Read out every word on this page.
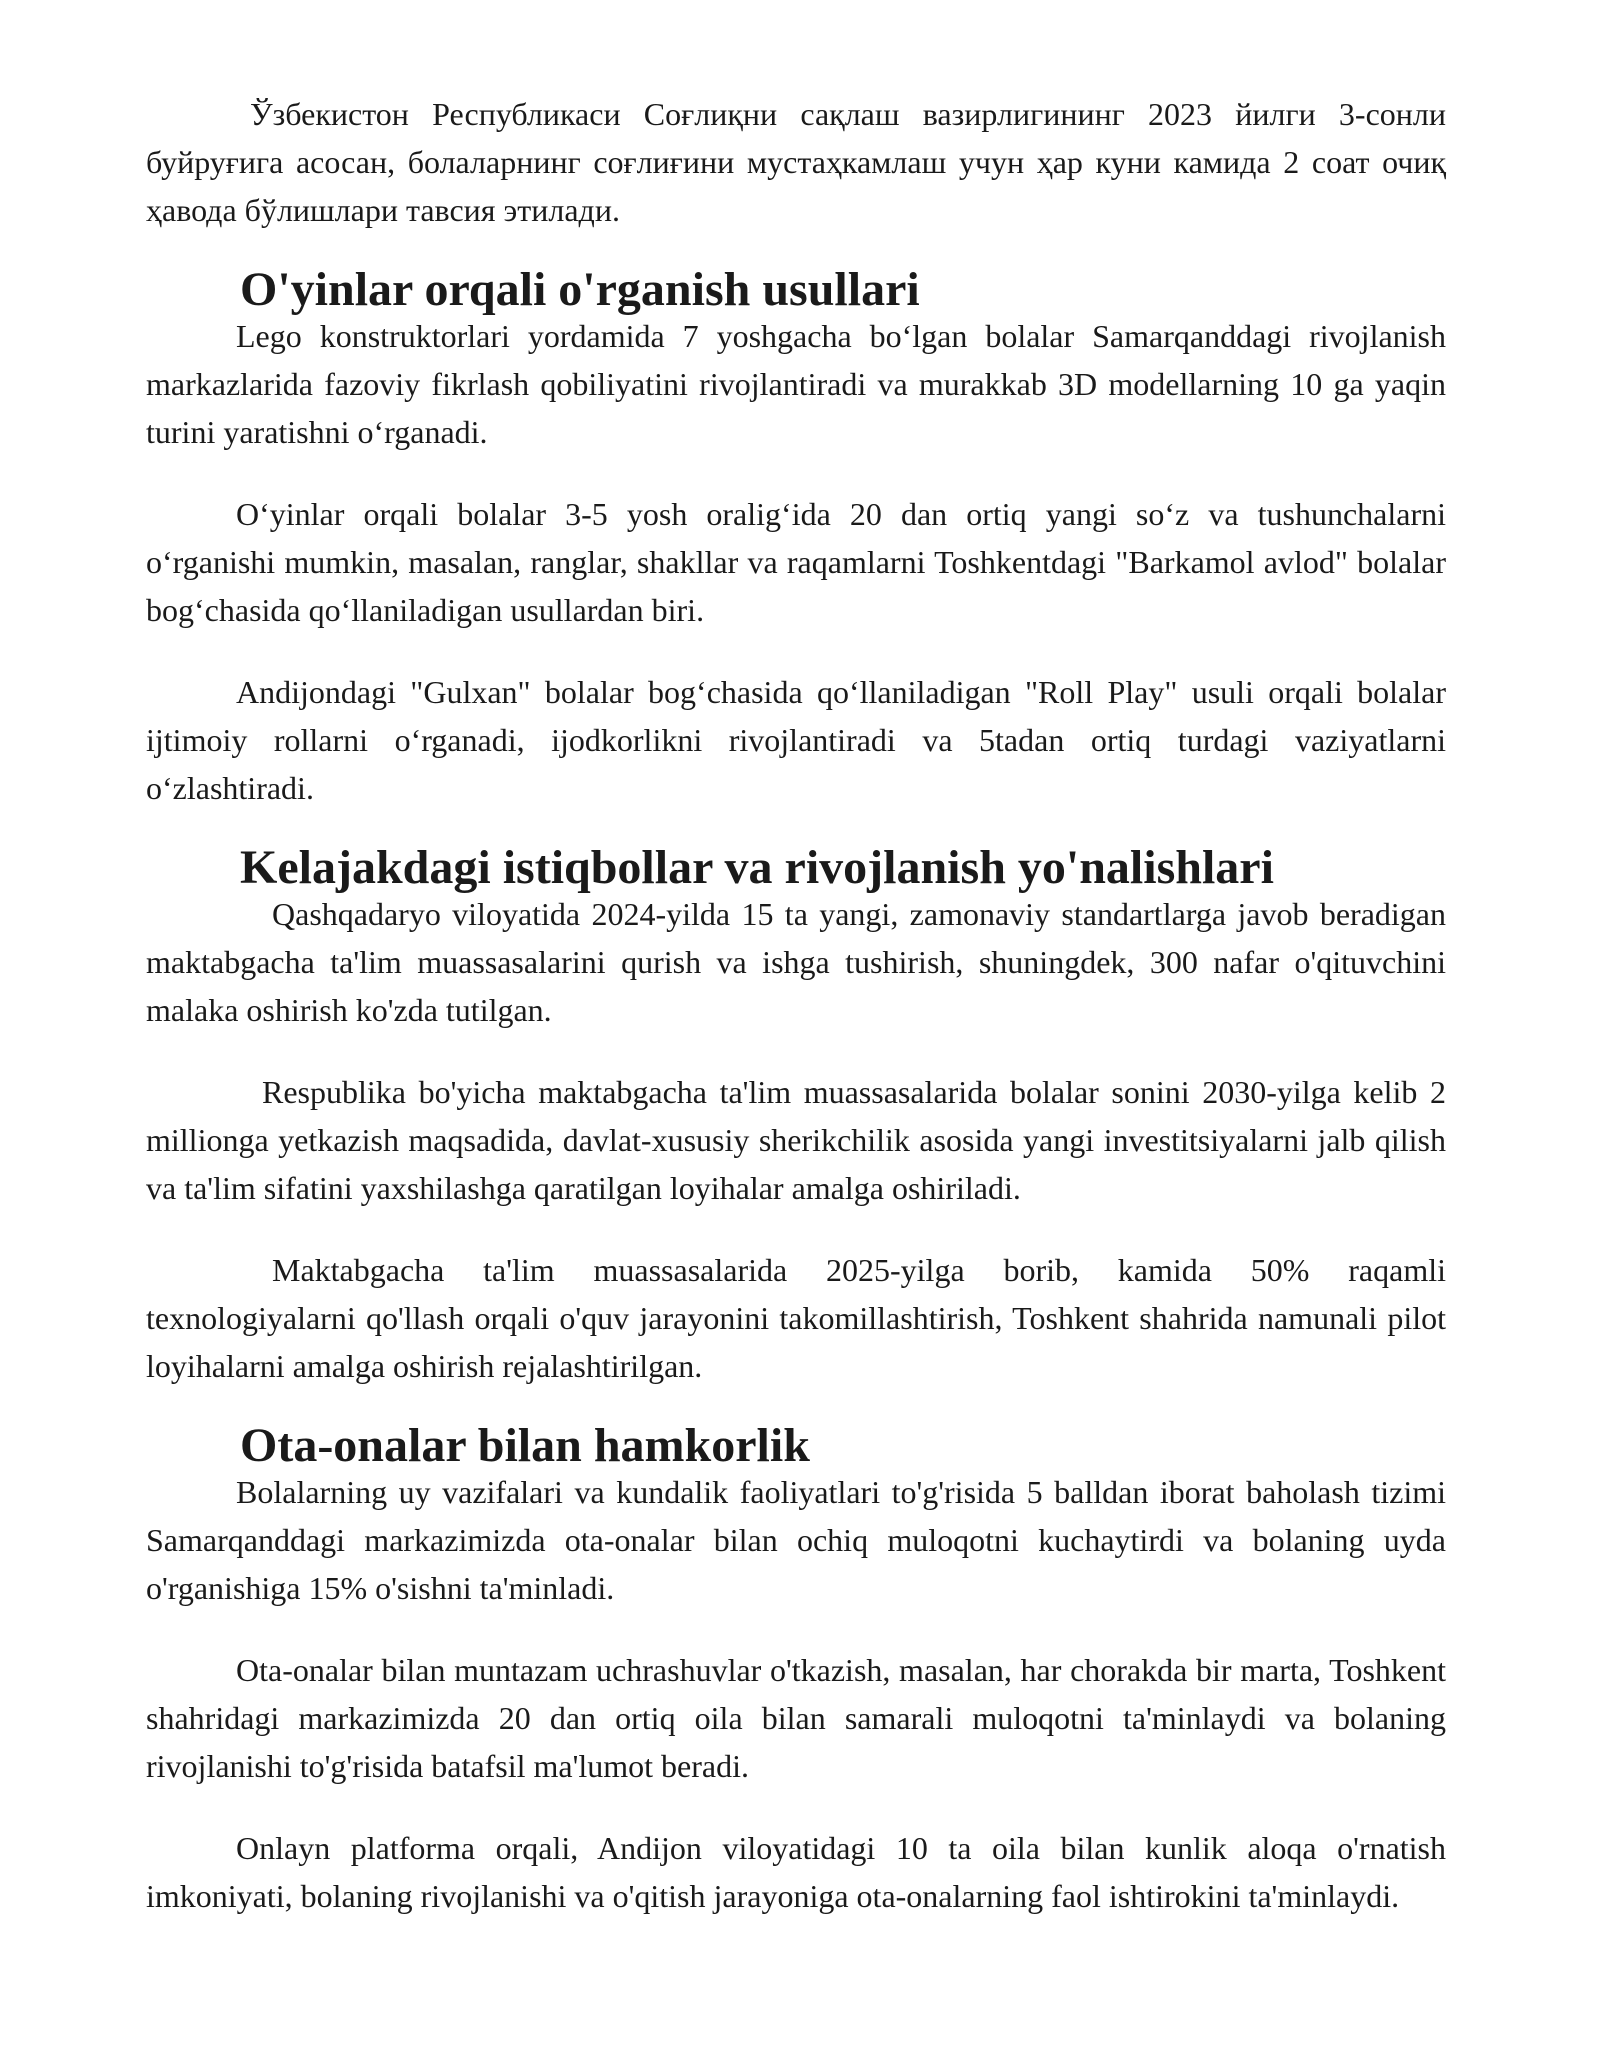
Ўзбекистон Республикаси Соғлиқни сақлаш вазирлигининг 2023 йилги 3-сонли буйруғига асосан, болаларнинг соғлиғини мустаҳкамлаш учун ҳар куни камида 2 соат очиқ ҳавода бўлишлари тавсия этилади.

O'yinlar orqali o'rganish usullari

Lego konstruktorlari yordamida 7 yoshgacha boʻlgan bolalar Samarqanddagi rivojlanish markazlarida fazoviy fikrlash qobiliyatini rivojlantiradi va murakkab 3D modellarning 10 ga yaqin turini yaratishni oʻrganadi.

Oʻyinlar orqali bolalar 3-5 yosh oraligʻida 20 dan ortiq yangi soʻz va tushunchalarni oʻrganishi mumkin, masalan, ranglar, shakllar va raqamlarni Toshkentdagi "Barkamol avlod" bolalar bogʻchasida qoʻllaniladigan usullardan biri.

Andijondagi "Gulxan" bolalar bogʻchasida qoʻllaniladigan "Roll Play" usuli orqali bolalar ijtimoiy rollarni oʻrganadi, ijodkorlikni rivojlantiradi va 5tadan ortiq turdagi vaziyatlarni oʻzlashtiradi.

Kelajakdagi istiqbollar va rivojlanish yo'nalishlari

Qashqadaryo viloyatida 2024-yilda 15 ta yangi, zamonaviy standartlarga javob beradigan maktabgacha ta'lim muassasalarini qurish va ishga tushirish, shuningdek, 300 nafar o'qituvchini malaka oshirish ko'zda tutilgan.

Respublika bo'yicha maktabgacha ta'lim muassasalarida bolalar sonini 2030-yilga kelib 2 millionga yetkazish maqsadida, davlat-xususiy sherikchilik asosida yangi investitsiyalarni jalb qilish va ta'lim sifatini yaxshilashga qaratilgan loyihalar amalga oshiriladi.

Maktabgacha ta'lim muassasalarida 2025-yilga borib, kamida 50% raqamli texnologiyalarni qo'llash orqali o'quv jarayonini takomillashtirish, Toshkent shahrida namunali pilot loyihalarni amalga oshirish rejalashtirilgan.

Ota-onalar bilan hamkorlik

Bolalarning uy vazifalari va kundalik faoliyatlari to'g'risida 5 balldan iborat baholash tizimi Samarqanddagi markazimizda ota-onalar bilan ochiq muloqotni kuchaytirdi va bolaning uyda o'rganishiga 15% o'sishni ta'minladi.

Ota-onalar bilan muntazam uchrashuvlar o'tkazish, masalan, har chorakda bir marta, Toshkent shahridagi markazimizda 20 dan ortiq oila bilan samarali muloqotni ta'minlaydi va bolaning rivojlanishi to'g'risida batafsil ma'lumot beradi.

Onlayn platforma orqali, Andijon viloyatidagi 10 ta oila bilan kunlik aloqa o'rnatish imkoniyati, bolaning rivojlanishi va o'qitish jarayoniga ota-onalarning faol ishtirokini ta'minlaydi.
